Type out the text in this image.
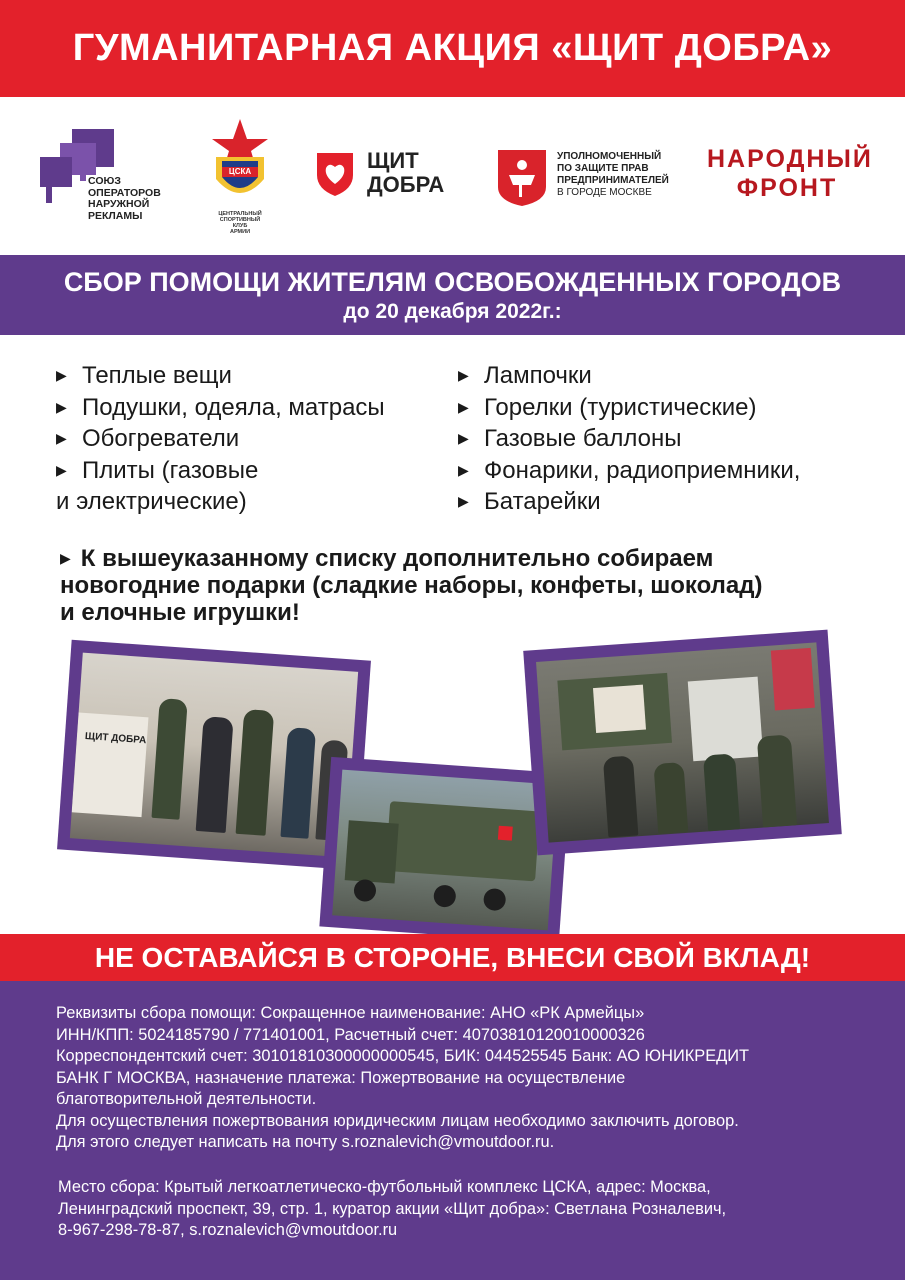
ГУМАНИТАРНАЯ АКЦИЯ «ЩИТ ДОБРА»
СОЮЗ
ОПЕРАТОРОВ
НАРУЖНОЙ
РЕКЛАМЫ
ЦСКА
ЦЕНТРАЛЬНЫЙ
СПОРТИВНЫЙ
КЛУБ
АРМИИ
ЩИТ
ДОБРА
УПОЛНОМОЧЕННЫЙ
ПО ЗАЩИТЕ ПРАВ
ПРЕДПРИНИМАТЕЛЕЙ
В ГОРОДЕ МОСКВЕ
НАРОДНЫЙ
ФРОНТ
СБОР ПОМОЩИ ЖИТЕЛЯМ ОСВОБОЖДЕННЫХ ГОРОДОВ
до 20 декабря 2022г.:
▶ Теплые вещи
▶ Подушки, одеяла, матрасы
▶ Обогреватели
▶ Плиты (газовые
и электрические)
▶ Лампочки
▶ Горелки (туристические)
▶ Газовые баллоны
▶ Фонарики, радиоприемники,
▶ Батарейки
▶ К вышеуказанному списку дополнительно собираем
новогодние подарки (сладкие наборы, конфеты, шоколад)
и елочные игрушки!
ЩИТ ДОБРА
НЕ ОСТАВАЙСЯ В СТОРОНЕ, ВНЕСИ СВОЙ ВКЛАД!
Реквизиты сбора помощи: Сокращенное наименование: АНО «РК Армейцы»
ИНН/КПП: 5024185790 / 771401001, Расчетный счет: 40703810120010000326
Корреспондентский счет: 30101810300000000545, БИК: 044525545 Банк: АО ЮНИКРЕДИТ
БАНК Г МОСКВА, назначение платежа: Пожертвование на осуществление
благотворительной деятельности.
Для осуществления пожертвования юридическим лицам необходимо заключить договор.
Для этого следует написать на почту s.roznalevich@vmoutdoor.ru.
Место сбора: Крытый легкоатлетическо-футбольный комплекс ЦСКА, адрес: Москва,
Ленинградский проспект, 39, стр. 1, куратор акции «Щит добра»: Светлана Розналевич,
8-967-298-78-87, s.roznalevich@vmoutdoor.ru
